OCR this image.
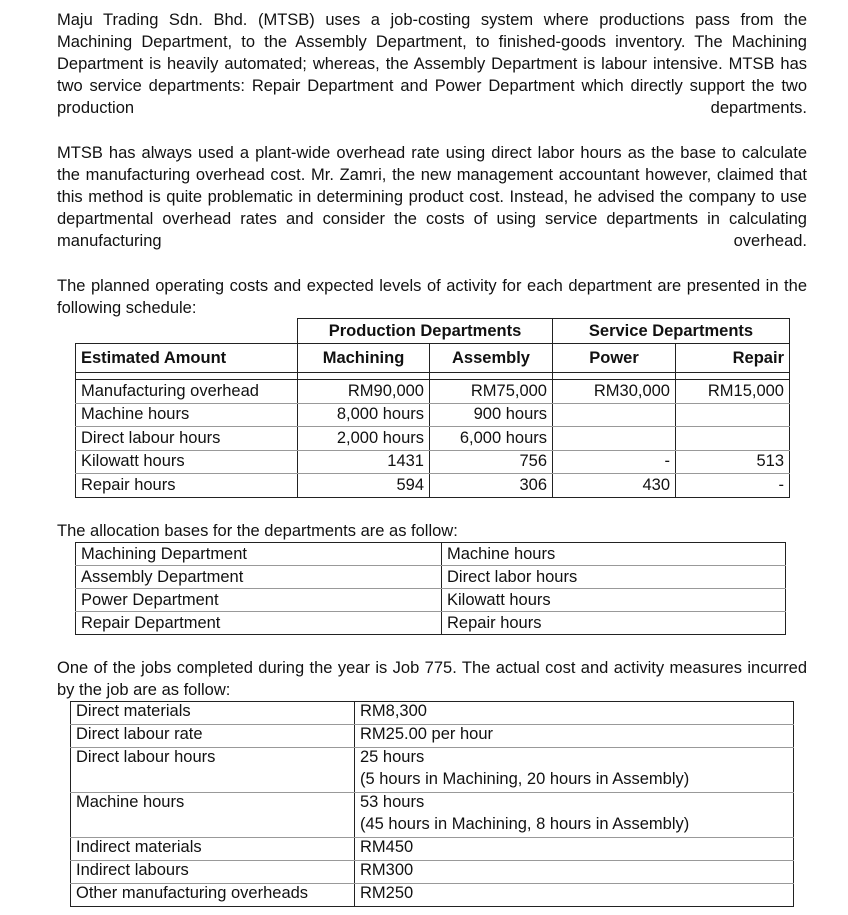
Maju Trading Sdn. Bhd. (MTSB) uses a job-costing system where productions pass from the Machining Department, to the Assembly Department, to finished-goods inventory. The Machining Department is heavily automated; whereas, the Assembly Department is labour intensive. MTSB has two service departments: Repair Department and Power Department which directly support the two production departments.

MTSB has always used a plant-wide overhead rate using direct labor hours as the base to calculate the manufacturing overhead cost. Mr. Zamri, the new management accountant however, claimed that this method is quite problematic in determining product cost. Instead, he advised the company to use departmental overhead rates and consider the costs of using service departments in calculating manufacturing overhead.

The planned operating costs and expected levels of activity for each department are presented in the following schedule:

	Production Departments		Service Departments	
Estimated Amount	Machining	Assembly	Power	Repair

Manufacturing overhead	RM90,000	RM75,000	RM30,000	RM15,000
Machine hours	8,000 hours	900 hours		
Direct labour hours	2,000 hours	6,000 hours		
Kilowatt hours	1431	756	-	513
Repair hours	594	306	430	-

The allocation bases for the departments are as follow:

Machining Department	Machine hours
Assembly Department	Direct labor hours
Power Department	Kilowatt hours
Repair Department	Repair hours

One of the jobs completed during the year is Job 775. The actual cost and activity measures incurred by the job are as follow:

Direct materials	RM8,300
Direct labour rate	RM25.00 per hour
Direct labour hours	25 hours
	(5 hours in Machining, 20 hours in Assembly)
Machine hours	53 hours
	(45 hours in Machining, 8 hours in Assembly)
Indirect materials	RM450
Indirect labours	RM300
Other manufacturing overheads	RM250
